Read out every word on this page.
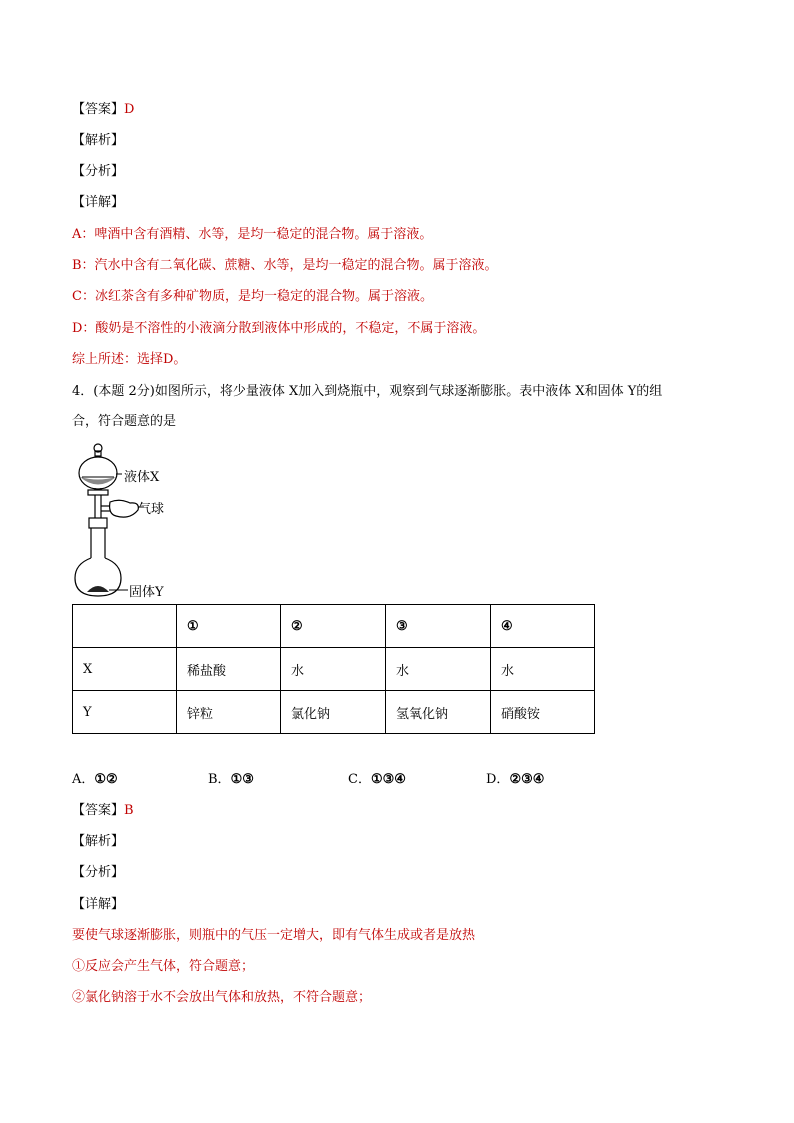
【答案】D
【解析】
【分析】
【详解】
A：啤酒中含有酒精、水等，是均一稳定的混合物。属于溶液。
B：汽水中含有二氧化碳、蔗糖、水等，是均一稳定的混合物。属于溶液。
C：冰红茶含有多种矿物质，是均一稳定的混合物。属于溶液。
D：酸奶是不溶性的小液滴分散到液体中形成的，不稳定，不属于溶液。
综上所述：选择D。
4．(本题 2分)如图所示，将少量液体 X加入到烧瓶中，观察到气球逐渐膨胀。表中液体 X和固体 Y的组
合，符合题意的是
液体X
气球
固体Y
	①	②	③	④
X	稀盐酸	水	水	水
Y	锌粒	氯化钠	氢氧化钠	硝酸铵
A．①②	B．①③	C．①③④	D．②③④
【答案】B
【解析】
【分析】
【详解】
要使气球逐渐膨胀，则瓶中的气压一定增大，即有气体生成或者是放热
①反应会产生气体，符合题意；
②氯化钠溶于水不会放出气体和放热，不符合题意；
